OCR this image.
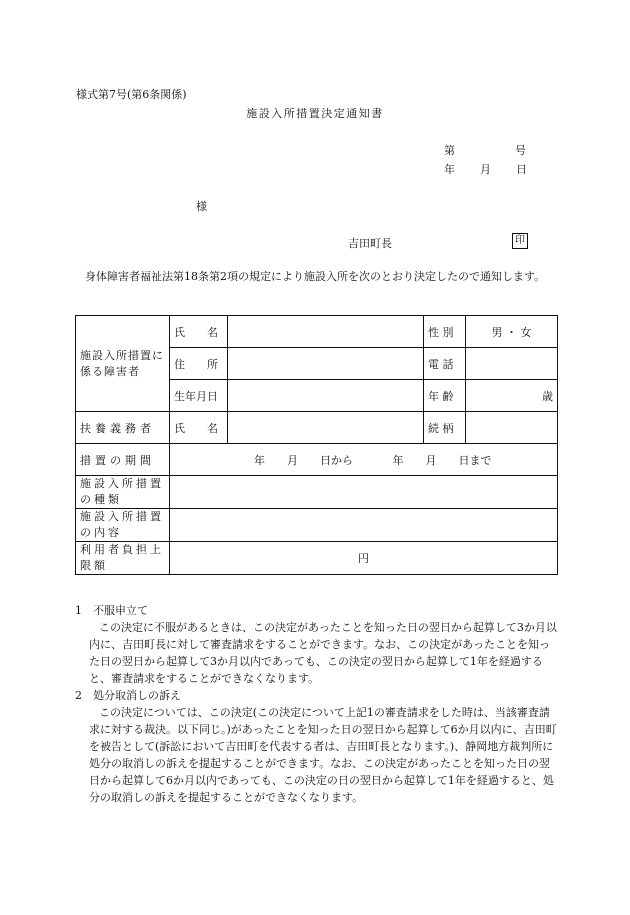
様式第7号(第6条関係)
施設入所措置決定通知書
第	号
年 月 日
様
吉田町長	印
身体障害者福祉法第18条第2項の規定により施設入所を次のとおり決定したので通知します。
施設入所措置に係る障害者	氏　　名		性 別	男 ・ 女
	住　　所		電 話	
	生年月日		年 齢	歳
扶養義務者	氏　　名		続 柄	
措置の期間	年　　月　　日から 年　　月　　日まで			
施設入所措置の種類				
施設入所措置の内容				
利用者負担上限額	円			
1　不服申立て
この決定に不服があるときは、この決定があったことを知った日の翌日から起算して3か月以内に、吉田町長に対して審査請求をすることができます。なお、この決定があったことを知った日の翌日から起算して3か月以内であっても、この決定の翌日から起算して1年を経過すると、審査請求をすることができなくなります。
2　処分取消しの訴え
この決定については、この決定(この決定について上記1の審査請求をした時は、当該審査請求に対する裁決。以下同じ。)があったことを知った日の翌日から起算して6か月以内に、吉田町を被告として(訴訟において吉田町を代表する者は、吉田町長となります。)、静岡地方裁判所に処分の取消しの訴えを提起することができます。なお、この決定があったことを知った日の翌日から起算して6か月以内であっても、この決定の日の翌日から起算して1年を経過すると、処分の取消しの訴えを提起することができなくなります。
